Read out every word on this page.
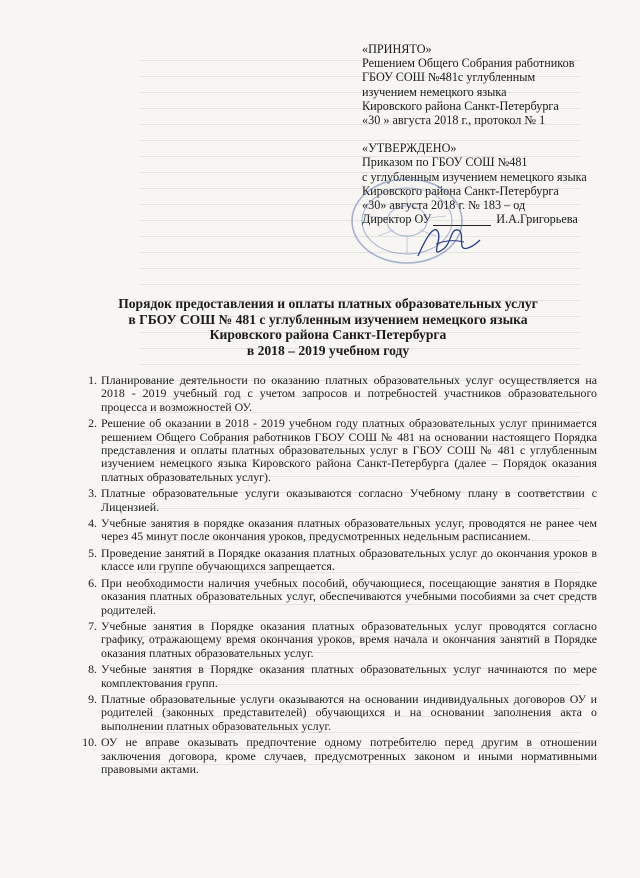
«ПРИНЯТО»
Решением Общего Собрания работников
ГБОУ СОШ №481с углубленным
изучением немецкого языка
Кировского района Санкт-Петербурга
«30 » августа 2018 г., протокол № 1
«УТВЕРЖДЕНО»
Приказом по ГБОУ СОШ №481
с углубленным изучением немецкого языка
Кировского района Санкт-Петербурга
«30» августа 2018 г. № 183 – од
Директор ОУ	И.А.Григорьева
Порядок предоставления и оплаты платных образовательных услуг
в ГБОУ СОШ № 481 с углубленным изучением немецкого языка
Кировского района Санкт-Петербурга
в 2018 – 2019 учебном году
1. Планирование деятельности по оказанию платных образовательных услуг осуществляется на 2018 - 2019 учебный год с учетом запросов и потребностей участников образовательного процесса и возможностей ОУ.
2. Решение об оказании в 2018 - 2019 учебном году платных образовательных услуг принимается решением Общего Собрания работников ГБОУ СОШ № 481 на основании настоящего Порядка представления и оплаты платных образовательных услуг в ГБОУ СОШ № 481 с углубленным изучением немецкого языка Кировского района Санкт-Петербурга (далее – Порядок оказания платных образовательных услуг).
3. Платные образовательные услуги оказываются согласно Учебному плану в соответствии с Лицензией.
4. Учебные занятия в порядке оказания платных образовательных услуг, проводятся не ранее чем через 45 минут после окончания уроков, предусмотренных недельным расписанием.
5. Проведение занятий в Порядке оказания платных образовательных услуг до окончания уроков в классе или группе обучающихся запрещается.
6. При необходимости наличия учебных пособий, обучающиеся, посещающие занятия в Порядке оказания платных образовательных услуг, обеспечиваются учебными пособиями за счет средств родителей.
7. Учебные занятия в Порядке оказания платных образовательных услуг проводятся согласно графику, отражающему время окончания уроков, время начала и окончания занятий в Порядке оказания платных образовательных услуг.
8. Учебные занятия в Порядке оказания платных образовательных услуг начинаются по мере комплектования групп.
9. Платные образовательные услуги оказываются на основании индивидуальных договоров ОУ и родителей (законных представителей) обучающихся и на основании заполнения акта о выполнении платных образовательных услуг.
10. ОУ не вправе оказывать предпочтение одному потребителю перед другим в отношении заключения договора, кроме случаев, предусмотренных законом и иными нормативными правовыми актами.
